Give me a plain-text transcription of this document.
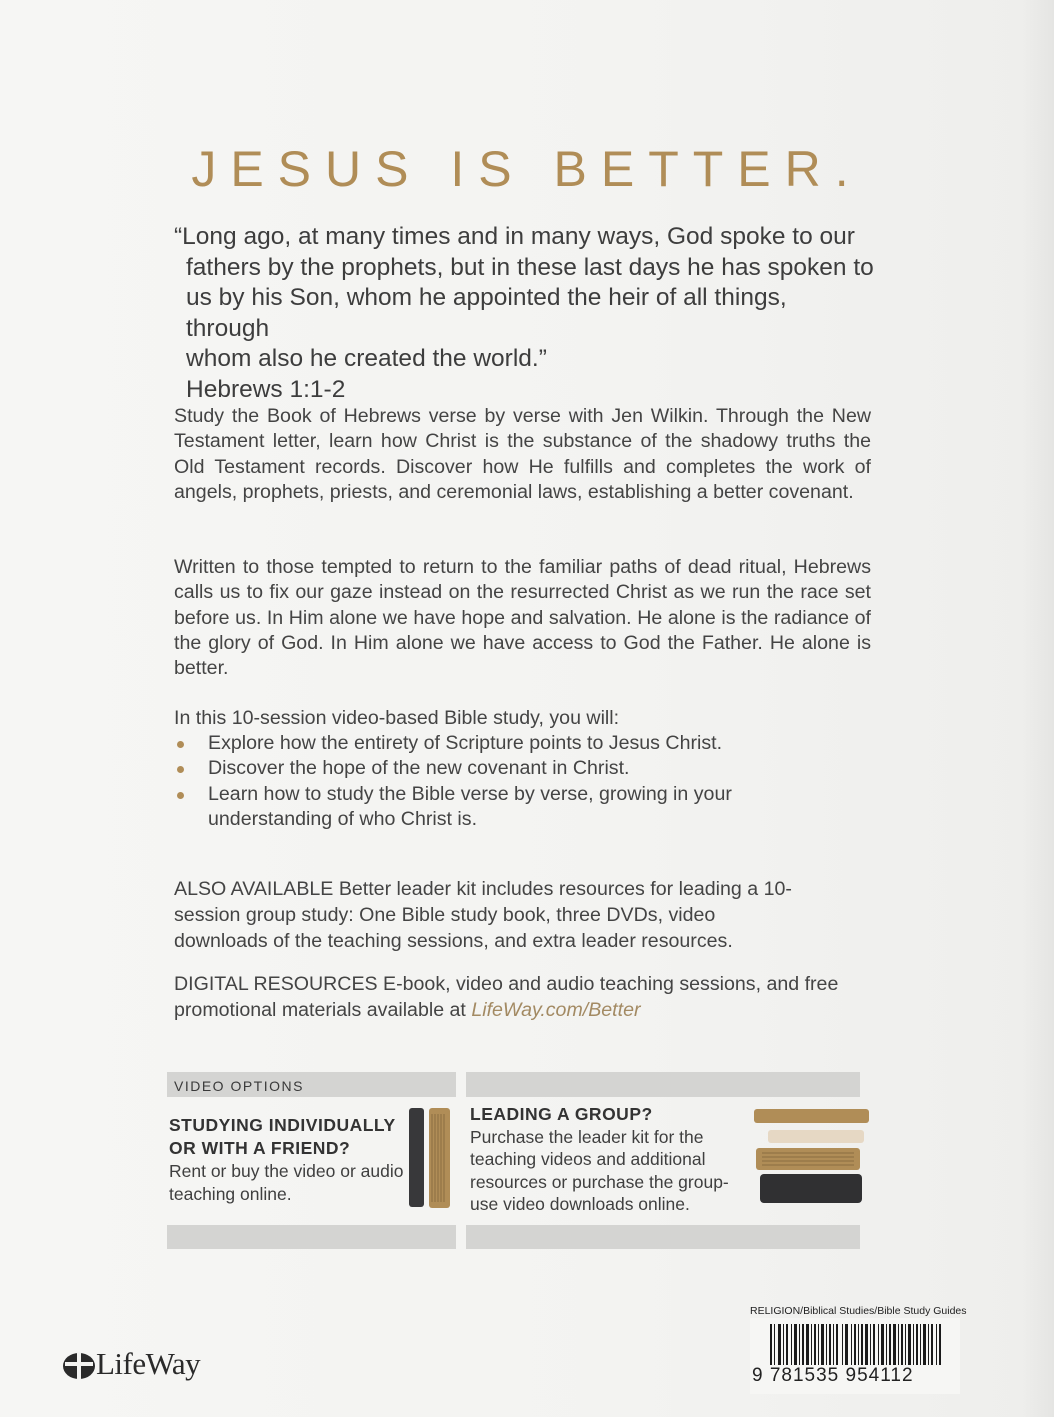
JESUS IS BETTER.
“Long ago, at many times and in many ways, God spoke to our
fathers by the prophets, but in these last days he has spoken to
us by his Son, whom he appointed the heir of all things, through
whom also he created the world.”
Hebrews 1:1-2
Study the Book of Hebrews verse by verse with Jen Wilkin. Through the New Testament letter, learn how Christ is the substance of the shadowy truths the Old Testament records. Discover how He fulfills and completes the work of angels, prophets, priests, and ceremonial laws, establishing a better covenant.
Written to those tempted to return to the familiar paths of dead ritual, Hebrews calls us to fix our gaze instead on the resurrected Christ as we run the race set before us. In Him alone we have hope and salvation. He alone is the radiance of the glory of God. In Him alone we have access to God the Father. He alone is better.
In this 10-session video-based Bible study, you will:
Explore how the entirety of Scripture points to Jesus Christ.
Discover the hope of the new covenant in Christ.
Learn how to study the Bible verse by verse, growing in your understanding of who Christ is.
ALSO AVAILABLE Better leader kit includes resources for leading a 10-session group study: One Bible study book, three DVDs, video downloads of the teaching sessions, and extra leader resources.
DIGITAL RESOURCES E-book, video and audio teaching sessions, and free promotional materials available at LifeWay.com/Better
VIDEO OPTIONS
STUDYING INDIVIDUALLY
OR WITH A FRIEND?
Rent or buy the video or audio teaching online.
LEADING A GROUP?
Purchase the leader kit for the teaching videos and additional resources or purchase the group-use video downloads online.
LifeWay
RELIGION/Biblical Studies/Bible Study Guides
9 781535 954112
